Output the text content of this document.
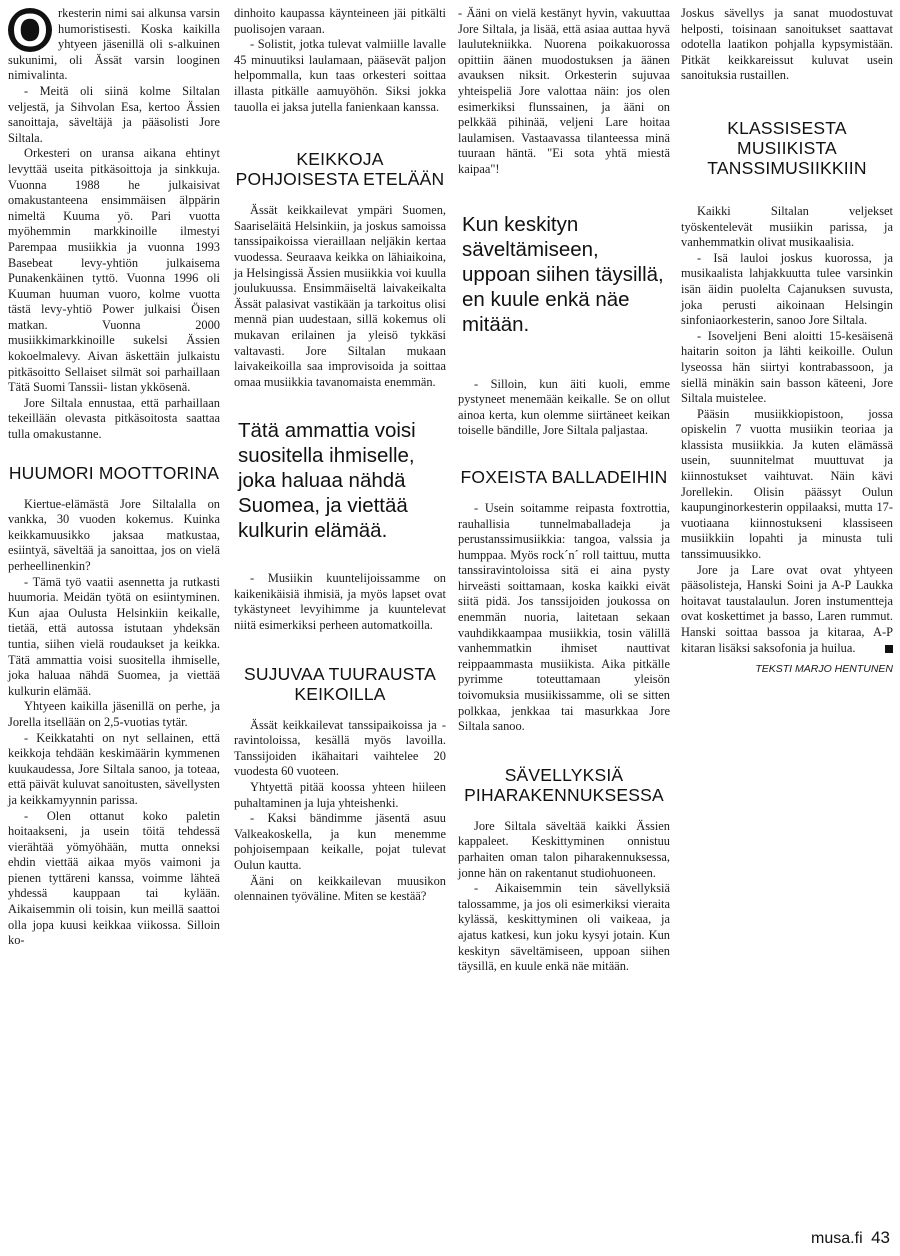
O rkesterin nimi sai alkunsa varsin humoristisesti. Koska kaikilla yhtyeen jäsenillä oli s-alkuinen sukunimi, oli Ässät varsin looginen nimivalinta.

- Meitä oli siinä kolme Siltalan veljestä, ja Sihvolan Esa, kertoo Ässien sanoittaja, säveltäjä ja pääsolisti Jore Siltala.

Orkesteri on uransa aikana ehtinyt levyttää useita pitkäsoittoja ja sinkkuja. Vuonna 1988 he julkaisivat omakustanteena ensimmäisen älppärin nimeltä Kuuma yö. Pari vuotta myöhemmin markkinoille ilmestyi Parempaa musiikkia ja vuonna 1993 Basebeat levy-yhtiön julkaisema Punakenkäinen tyttö. Vuonna 1996 oli Kuuman huuman vuoro, kolme vuotta tästä levy-yhtiö Power julkaisi Öisen matkan. Vuonna 2000 musiikkimarkkinoille sukelsi Ässien kokoelmalevy. Aivan äskettäin julkaistu pitkäsoitto Sellaiset silmät soi parhaillaan Tätä Suomi Tanssii- listan ykkösenä.

Jore Siltala ennustaa, että parhaillaan tekeillään olevasta pitkäsoitosta saattaa tulla omakustanne.

HUUMORI MOOTTORINA

Kiertue-elämästä Jore Siltalalla on vankka, 30 vuoden kokemus. Kuinka keikkamuusikko jaksaa matkustaa, esiintyä, säveltää ja sanoittaa, jos on vielä perheellinenkin?

- Tämä työ vaatii asennetta ja rutkasti huumoria. Meidän työtä on esiintyminen. Kun ajaa Oulusta Helsinkiin keikalle, tietää, että autossa istutaan yhdeksän tuntia, siihen vielä roudaukset ja keikka. Tätä ammattia voisi suositella ihmiselle, joka haluaa nähdä Suomea, ja viettää kulkurin elämää.

Yhtyeen kaikilla jäsenillä on perhe, ja Jorella itsellään on 2,5-vuotias tytär.

- Keikkatahti on nyt sellainen, että keikkoja tehdään keskimäärin kymmenen kuukaudessa, Jore Siltala sanoo, ja toteaa, että päivät kuluvat sanoitusten, sävellysten ja keikkamyynnin parissa.

- Olen ottanut koko paletin hoitaakseni, ja usein töitä tehdessä vierähtää yömyöhään, mutta onneksi ehdin viettää aikaa myös vaimoni ja pienen tyttäreni kanssa, voimme lähteä yhdessä kauppaan tai kylään. Aikaisemmin oli toisin, kun meillä saattoi olla jopa kuusi keikkaa viikossa. Silloin ko-

dinhoito kaupassa käynteineen jäi pitkälti puolisojen varaan.

- Solistit, jotka tulevat valmiille lavalle 45 minuutiksi laulamaan, pääsevät paljon helpommalla, kun taas orkesteri soittaa illasta pitkälle aamuyöhön. Siksi jokka tauolla ei jaksa jutella fanienkaan kanssa.

KEIKKOJA POHJOISESTA ETELÄÄN

Ässät keikkailevat ympäri Suomen, Saariseläitä Helsinkiin, ja joskus samoissa tanssipaikoissa vieraillaan neljäkin kertaa vuodessa. Seuraava keikka on lähiaikoina, ja Helsingissä Ässien musiikkia voi kuulla joulukuussa. Ensimmäiseltä laivakeikalta Ässät palasivat vastikään ja tarkoitus olisi mennä pian uudestaan, sillä kokemus oli mukavan erilainen ja yleisö tykkäsi valtavasti. Jore Siltalan mukaan laivakeikoilla saa improvisoida ja soittaa omaa musiikkia tavanomaista enemmän.

Tätä ammattia voisi suositella ihmiselle, joka haluaa nähdä Suomea, ja viettää kulkurin elämää.

- Musiikin kuuntelijoissamme on kaikenikäisiä ihmisiä, ja myös lapset ovat tykästyneet levyihimme ja kuuntelevat niitä esimerkiksi perheen automatkoilla.

SUJUVAA TUURAUSTA KEIKOILLA

Ässät keikkailevat tanssipaikoissa ja -ravintoloissa, kesällä myös lavoilla. Tanssijoiden ikähaitari vaihtelee 20 vuodesta 60 vuoteen.

Yhtyettä pitää koossa yhteen hiileen puhaltaminen ja luja yhteishenki.

- Kaksi bändimme jäsentä asuu Valkeakoskella, ja kun menemme pohjoisempaan keikalle, pojat tulevat Oulun kautta.

Ääni on keikkailevan muusikon olennainen työväline. Miten se kestää?

- Ääni on vielä kestänyt hyvin, vakuuttaa Jore Siltala, ja lisää, että asiaa auttaa hyvä laulutekniikka. Nuorena poikakuorossa opittiin äänen muodostuksen ja äänen avauksen niksit. Orkesterin sujuvaa yhteispeliä Jore valottaa näin: jos olen esimerkiksi flunssainen, ja ääni on pelkkää pihinää, veljeni Lare hoitaa laulamisen. Vastaavassa tilanteessa minä tuuraan häntä. "Ei sota yhtä miestä kaipaa"!

Kun keskityn säveltämiseen, uppoan siihen täysillä, en kuule enkä näe mitään.

- Silloin, kun äiti kuoli, emme pystyneet menemään keikalle. Se on ollut ainoa kerta, kun olemme siirtäneet keikan toiselle bändille, Jore Siltala paljastaa.

FOXEISTA BALLADEIHIN

- Usein soitamme reipasta foxtrottia, rauhallisia tunnelmaballadeja ja perustanssimusiikkia: tangoa, valssia ja humppaa. Myös rock´n´ roll taittuu, mutta tanssiravintoloissa sitä ei aina pysty hirveästi soittamaan, koska kaikki eivät siitä pidä. Jos tanssijoiden joukossa on enemmän nuoria, laitetaan sekaan vauhdikkaampaa musiikkia, tosin välillä vanhemmatkin ihmiset nauttivat reippaammasta musiikista. Aika pitkälle pyrimme toteuttamaan yleisön toivomuksia musiikissamme, oli se sitten polkkaa, jenkkaa tai masurkkaa Jore Siltala sanoo.

SÄVELLYKSIÄ PIHARAKENNUKSESSA

Jore Siltala säveltää kaikki Ässien kappaleet. Keskittyminen onnistuu parhaiten oman talon piharakennuksessa, jonne hän on rakentanut studiohuoneen.

- Aikaisemmin tein sävellyksiä talossamme, ja jos oli esimerkiksi vieraita kylässä, keskittyminen oli vaikeaa, ja ajatus katkesi, kun joku kysyi jotain. Kun keskityn säveltämiseen, uppoan siihen täysillä, en kuule enkä näe mitään.

Joskus sävellys ja sanat muodostuvat helposti, toisinaan sanoitukset saattavat odotella laatikon pohjalla kypsymistään. Pitkät keikkareissut kuluvat usein sanoituksia rustaillen.

KLASSISESTA MUSIIKISTA TANSSIMUSIIKKIIN

Kaikki Siltalan veljekset työskentelevät musiikin parissa, ja vanhemmatkin olivat musikaalisia.

- Isä lauloi joskus kuorossa, ja musikaalista lahjakkuutta tulee varsinkin isän äidin puolelta Cajanuksen suvusta, joka perusti aikoinaan Helsingin sinfoniaorkesterin, sanoo Jore Siltala.

- Isoveljeni Beni aloitti 15-kesäisenä haitarin soiton ja lähti keikoille. Oulun lyseossa hän siirtyi kontrabassoon, ja siellä minäkin sain basson käteeni, Jore Siltala muistelee.

Pääsin musiikkiopistoon, jossa opiskelin 7 vuotta musiikin teoriaa ja klassista musiikkia. Ja kuten elämässä usein, suunnitelmat muuttuvat ja kiinnostukset vaihtuvat. Näin kävi Jorellekin. Olisin päässyt Oulun kaupunginorkesterin oppilaaksi, mutta 17-vuotiaana kiinnostukseni klassiseen musiikkiin lopahti ja minusta tuli tanssimuusikko.

Jore ja Lare ovat ovat yhtyeen pääsolisteja, Hanski Soini ja A-P Laukka hoitavat taustalaulun. Joren instumentteja ovat koskettimet ja basso, Laren rummut. Hanski soittaa bassoa ja kitaraa, A-P kitaran lisäksi saksofonia ja huilua.

TEKSTI MARJO HENTUNEN
musa.fi 43
